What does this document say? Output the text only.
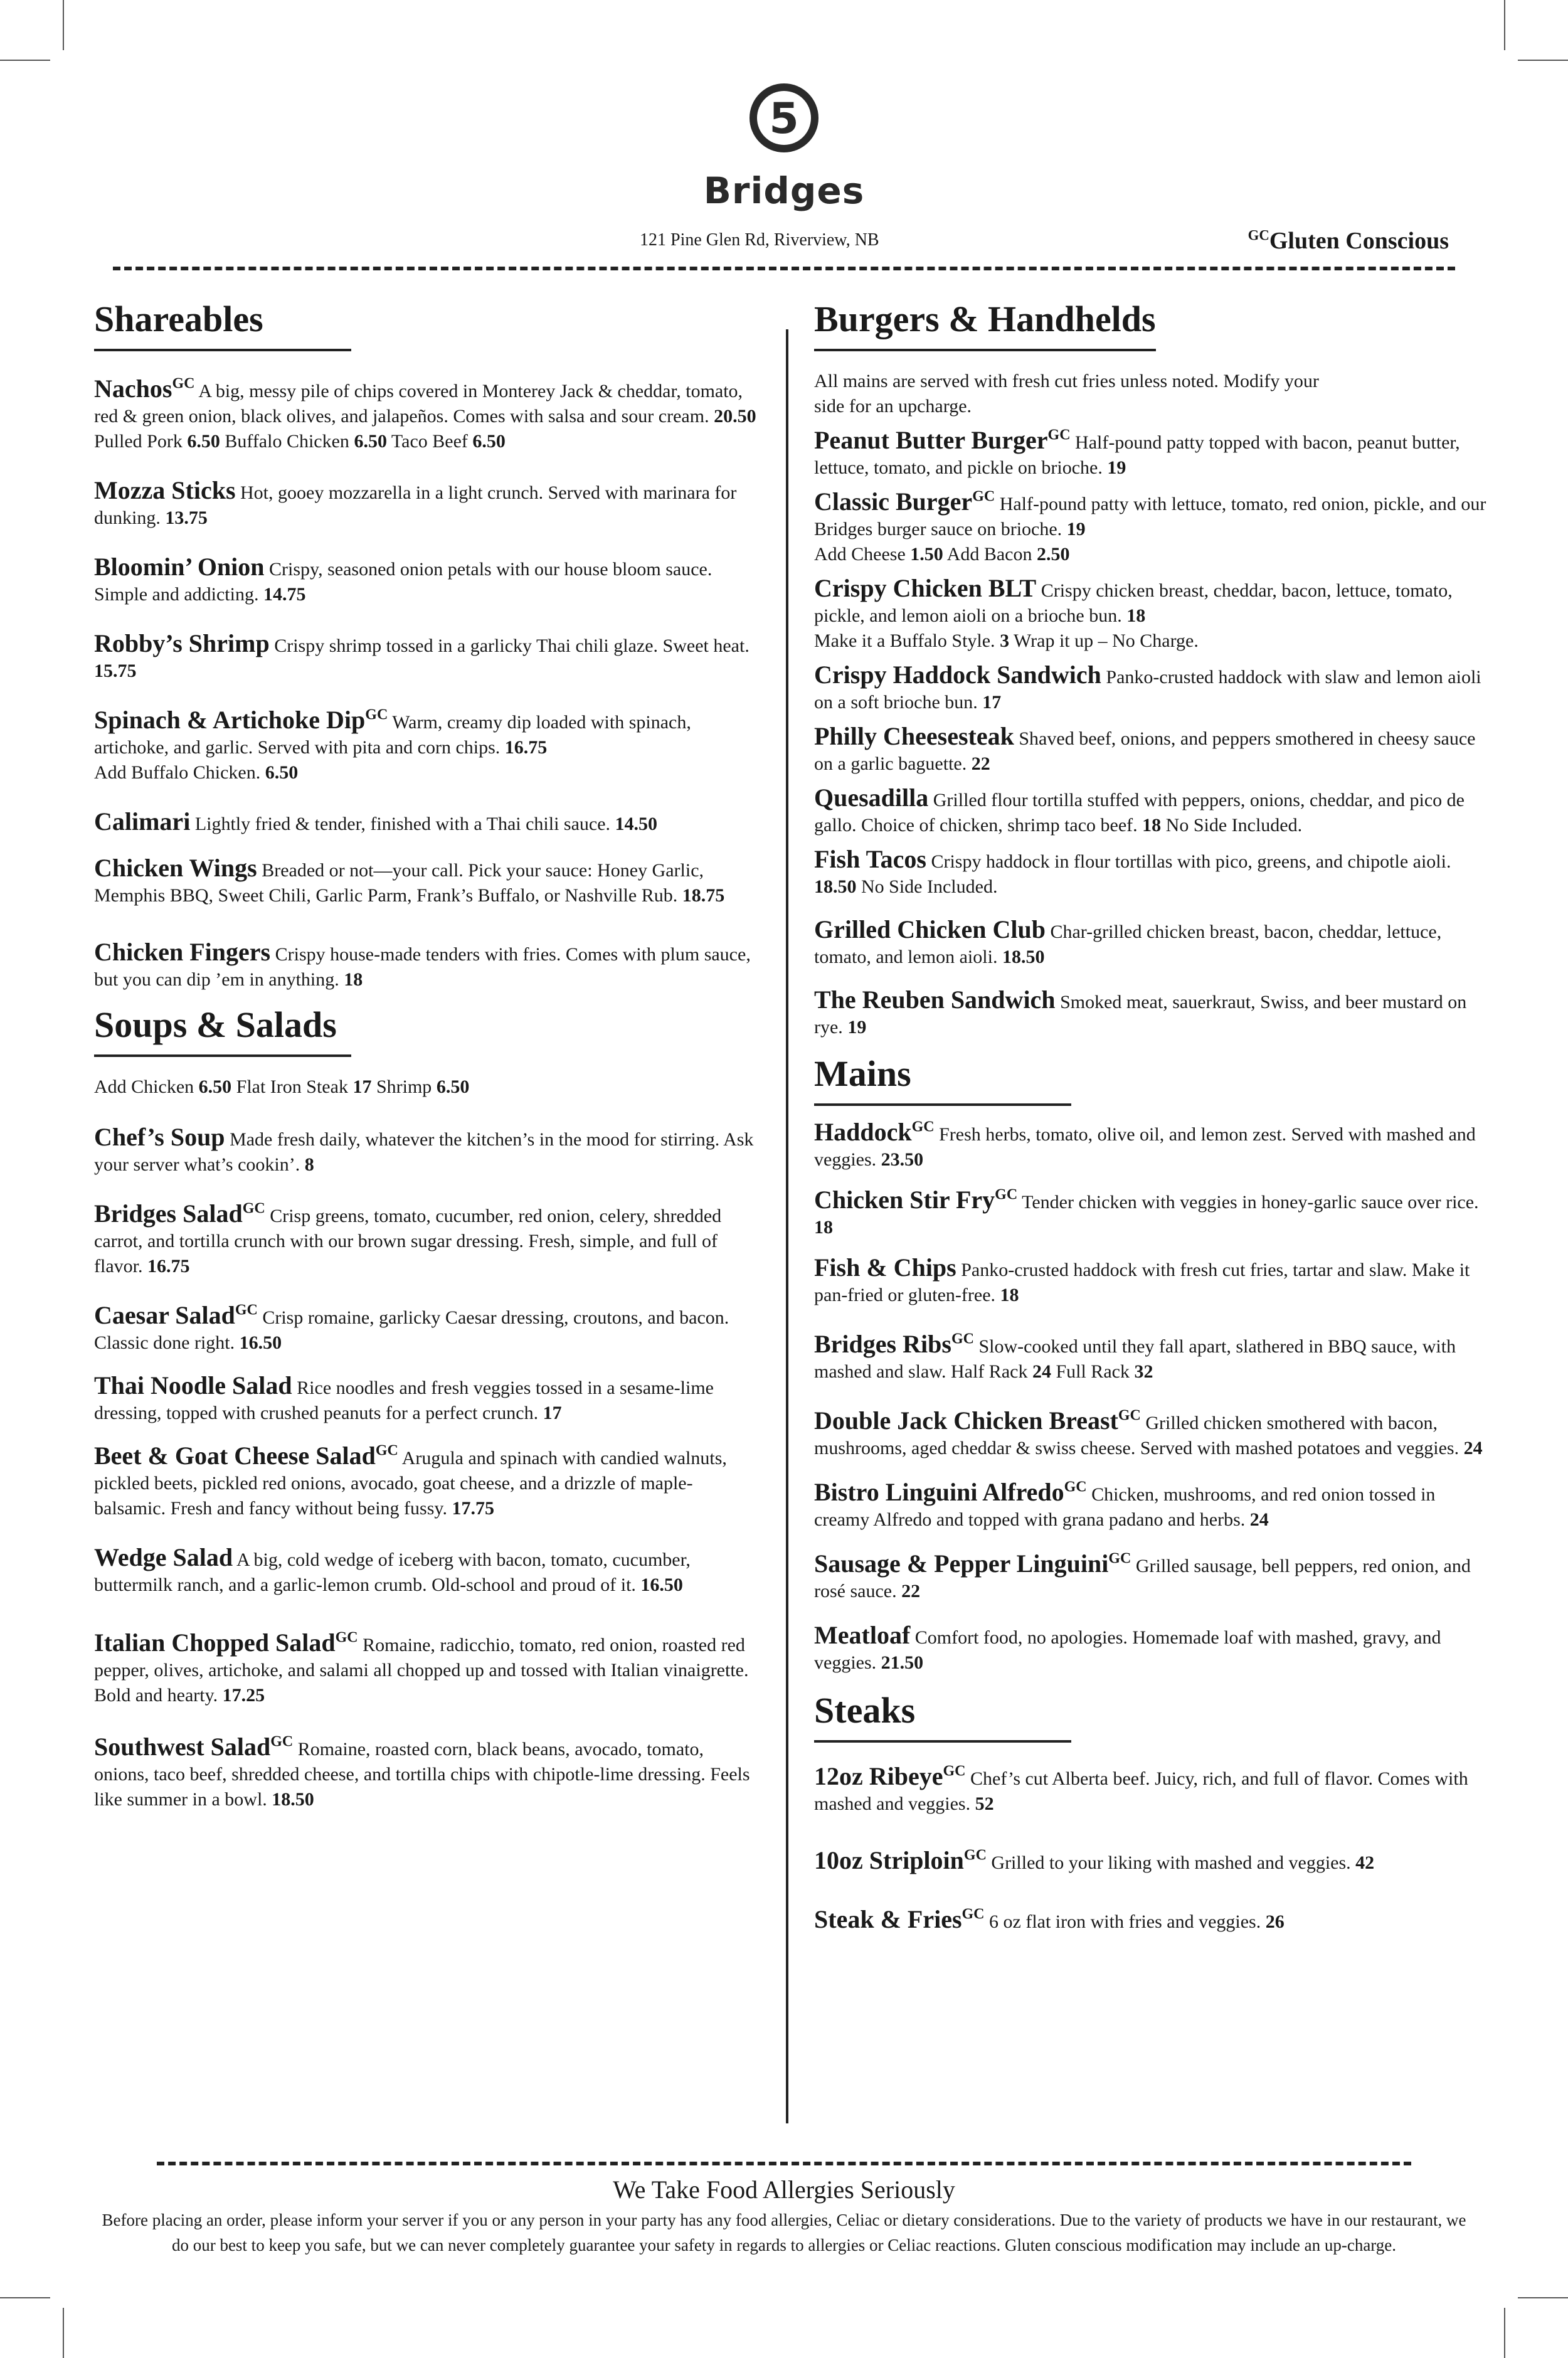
5
Bridges
121 Pine Glen Rd, Riverview, NB	$^{GC}$Gluten Conscious
Shareables
Nachos$^{GC}$ A big, messy pile of chips covered in Monterey Jack & cheddar, tomato, red & green onion, black olives, and jalapeños. Comes with salsa and sour cream. 20.50
Pulled Pork 6.50 Buffalo Chicken 6.50 Taco Beef 6.50
Mozza Sticks Hot, gooey mozzarella in a light crunch. Served with marinara for dunking. 13.75
Bloomin’ Onion Crispy, seasoned onion petals with our house bloom sauce. Simple and addicting. 14.75
Robby’s Shrimp Crispy shrimp tossed in a garlicky Thai chili glaze. Sweet heat. 15.75
Spinach & Artichoke Dip$^{GC}$ Warm, creamy dip loaded with spinach, artichoke, and garlic. Served with pita and corn chips. 16.75
Add Buffalo Chicken. 6.50
Calimari Lightly fried & tender, finished with a Thai chili sauce. 14.50
Chicken Wings Breaded or not—your call. Pick your sauce: Honey Garlic, Memphis BBQ, Sweet Chili, Garlic Parm, Frank’s Buffalo, or Nashville Rub. 18.75
Chicken Fingers Crispy house-made tenders with fries. Comes with plum sauce, but you can dip ’em in anything. 18
Soups & Salads
Add Chicken 6.50 Flat Iron Steak 17 Shrimp 6.50
Chef’s Soup Made fresh daily, whatever the kitchen’s in the mood for stirring. Ask your server what’s cookin’. 8
Bridges Salad$^{GC}$ Crisp greens, tomato, cucumber, red onion, celery, shredded carrot, and tortilla crunch with our brown sugar dressing. Fresh, simple, and full of flavor. 16.75
Caesar Salad$^{GC}$ Crisp romaine, garlicky Caesar dressing, croutons, and bacon. Classic done right. 16.50
Thai Noodle Salad Rice noodles and fresh veggies tossed in a sesame-lime dressing, topped with crushed peanuts for a perfect crunch. 17
Beet & Goat Cheese Salad$^{GC}$ Arugula and spinach with candied walnuts, pickled beets, pickled red onions, avocado, goat cheese, and a drizzle of maple-balsamic. Fresh and fancy without being fussy. 17.75
Wedge Salad A big, cold wedge of iceberg with bacon, tomato, cucumber, buttermilk ranch, and a garlic-lemon crumb. Old-school and proud of it. 16.50
Italian Chopped Salad$^{GC}$ Romaine, radicchio, tomato, red onion, roasted red pepper, olives, artichoke, and salami all chopped up and tossed with Italian vinaigrette. Bold and hearty. 17.25
Southwest Salad$^{GC}$ Romaine, roasted corn, black beans, avocado, tomato, onions, taco beef, shredded cheese, and tortilla chips with chipotle-lime dressing. Feels like summer in a bowl. 18.50
Burgers & Handhelds
All mains are served with fresh cut fries unless noted. Modify your side for an upcharge.
Peanut Butter Burger$^{GC}$ Half-pound patty topped with bacon, peanut butter, lettuce, tomato, and pickle on brioche. 19
Classic Burger$^{GC}$ Half-pound patty with lettuce, tomato, red onion, pickle, and our Bridges burger sauce on brioche. 19
Add Cheese 1.50 Add Bacon 2.50
Crispy Chicken BLT Crispy chicken breast, cheddar, bacon, lettuce, tomato, pickle, and lemon aioli on a brioche bun. 18
Make it a Buffalo Style. 3 Wrap it up – No Charge.
Crispy Haddock Sandwich Panko-crusted haddock with slaw and lemon aioli on a soft brioche bun. 17
Philly Cheesesteak Shaved beef, onions, and peppers smothered in cheesy sauce on a garlic baguette. 22
Quesadilla Grilled flour tortilla stuffed with peppers, onions, cheddar, and pico de gallo. Choice of chicken, shrimp taco beef. 18 No Side Included.
Fish Tacos Crispy haddock in flour tortillas with pico, greens, and chipotle aioli. 18.50 No Side Included.
Grilled Chicken Club Char-grilled chicken breast, bacon, cheddar, lettuce, tomato, and lemon aioli. 18.50
The Reuben Sandwich Smoked meat, sauerkraut, Swiss, and beer mustard on rye. 19
Mains
Haddock$^{GC}$ Fresh herbs, tomato, olive oil, and lemon zest. Served with mashed and veggies. 23.50
Chicken Stir Fry$^{GC}$ Tender chicken with veggies in honey-garlic sauce over rice. 18
Fish & Chips Panko-crusted haddock with fresh cut fries, tartar and slaw. Make it pan-fried or gluten-free. 18
Bridges Ribs$^{GC}$ Slow-cooked until they fall apart, slathered in BBQ sauce, with mashed and slaw. Half Rack 24 Full Rack 32
Double Jack Chicken Breast$^{GC}$ Grilled chicken smothered with bacon, mushrooms, aged cheddar & swiss cheese. Served with mashed potatoes and veggies. 24
Bistro Linguini Alfredo$^{GC}$ Chicken, mushrooms, and red onion tossed in creamy Alfredo and topped with grana padano and herbs. 24
Sausage & Pepper Linguini$^{GC}$ Grilled sausage, bell peppers, red onion, and rosé sauce. 22
Meatloaf Comfort food, no apologies. Homemade loaf with mashed, gravy, and veggies. 21.50
Steaks
12oz Ribeye$^{GC}$ Chef’s cut Alberta beef. Juicy, rich, and full of flavor. Comes with mashed and veggies. 52
10oz Striploin$^{GC}$ Grilled to your liking with mashed and veggies. 42
Steak & Fries$^{GC}$ 6 oz flat iron with fries and veggies. 26
We Take Food Allergies Seriously
Before placing an order, please inform your server if you or any person in your party has any food allergies, Celiac or dietary considerations. Due to the variety of products we have in our restaurant, we do our best to keep you safe, but we can never completely guarantee your safety in regards to allergies or Celiac reactions. Gluten conscious modification may include an up-charge.
